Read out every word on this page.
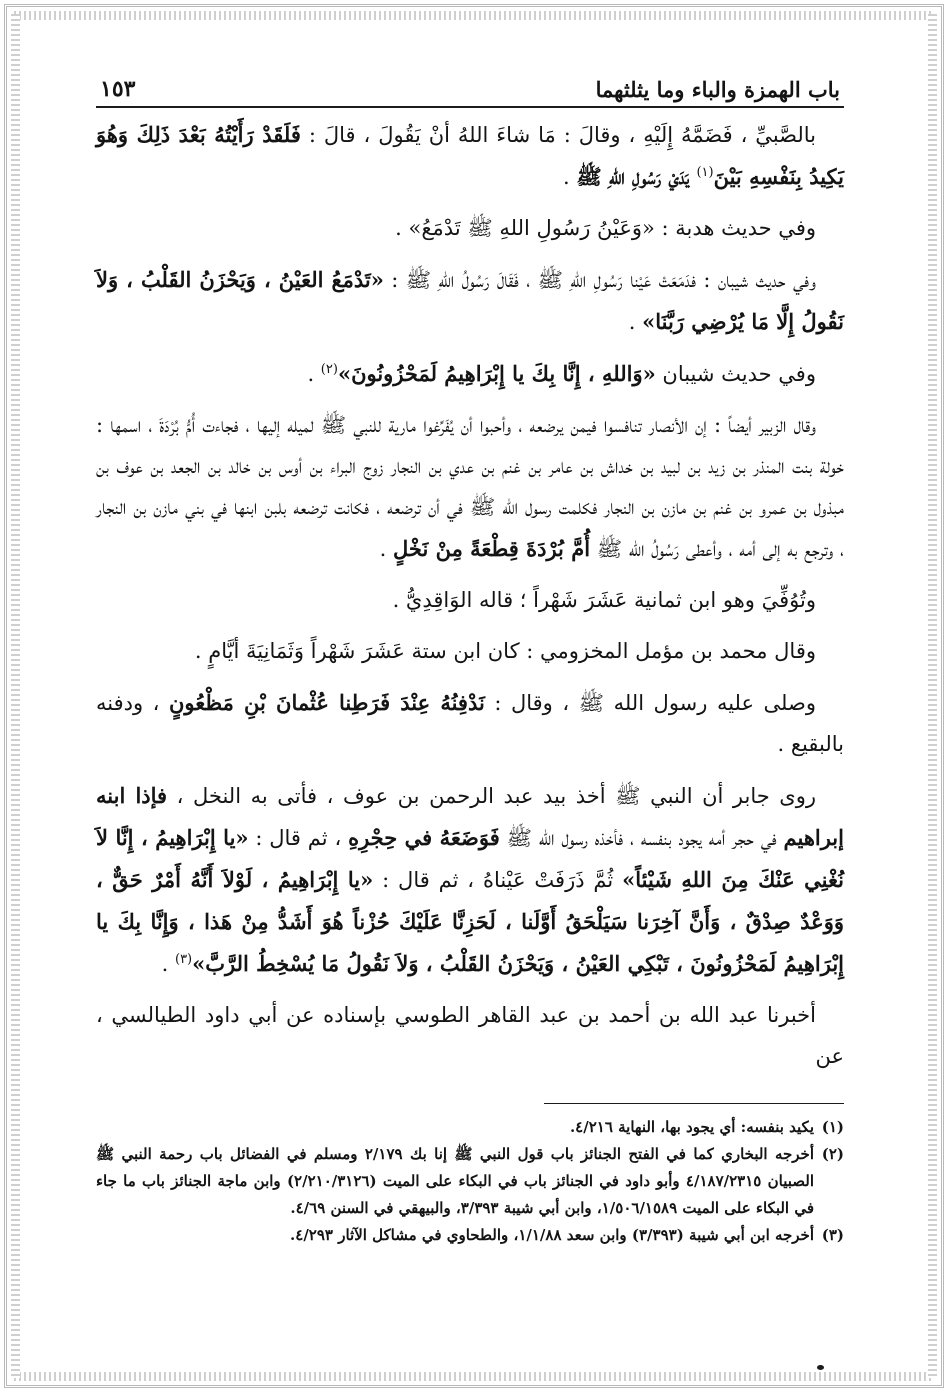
باب الهمزة والباء وما يثلثهما
١٥٣

بالصَّبيِّ ، فَضَمَّهُ إِلَيْهِ ، وقالَ : مَا شاءَ اللهُ أنْ يَقُولَ ، قالَ : فَلَقَدْ رَأَيْتُهُ بَعْدَ ذَلِكَ وَهُوَ يَكِيدُ بِنَفْسِهِ بَيْنَ$^{(١)}$ يَدَيْ رَسُولِ اللهِ ﷺ .

وفي حديث هدبة : «وَعَيْنُ رَسُولِ اللهِ ﷺ تَدْمَعُ» .

وفي حديث شيبان : فدَمَعَتْ عَيْنا رَسُولِ اللهِ ﷺ ، فَقَالَ رَسُولُ اللهِ ﷺ : «تَدْمَعُ العَيْنُ ، وَيَحْزَنُ القَلْبُ ، وَلاَ نَقُولُ إِلَّا مَا يُرْضِي رَبَّنَا» .

وفي حديث شيبان «وَاللهِ ، إِنَّا بِكَ يا إِبْرَاهِيمُ لَمَحْزُونُونَ»$^{(٢)}$ .

وقال الزبير أيضاً : إن الأنصار تنافسوا فيمن يرضعه ، وأحبوا أن يُفَرِّغوا مارية للنبي ﷺ لميله إليها ، فجاءت أُمُّ بُرْدَةَ ، اسمها : خولة بنت المنذر بن زيد بن لبيد بن خداش بن عامر بن غنم بن عدي بن النجار زوج البراء بن أوس بن خالد بن الجعد بن عوف بن مبذول بن عمرو بن غنم بن مازن بن النجار فكلمت رسول الله ﷺ في أن ترضعه ، فكانت ترضعه بلبن ابنها في بني مازن بن النجار ، وترجع به إلى أمه ، وأعطى رَسُولُ الله ﷺ أُمَّ بُرْدَةَ قِطْعَةً مِنْ نَخْلٍ .

وتُوُفِّيَ وهو ابن ثمانية عَشَرَ شَهْراً ؛ قاله الوَاقِدِيُّ .

وقال محمد بن مؤمل المخزومي : كان ابن ستة عَشَرَ شَهْراً وَثَمَانِيَةَ أيَّامٍ .

وصلى عليه رسول الله ﷺ ، وقال : نَدْفِنُهُ عِنْدَ فَرَطِنا عُثْمانَ بْنِ مَظْعُونٍ ، ودفنه بالبقيع .

روى جابر أن النبي ﷺ أخذ بيد عبد الرحمن بن عوف ، فأتى به النخل ، فإذا ابنه إبراهيم في حجر أمه يجود بنفسه ، فأخذه رسول الله ﷺ فَوَضَعَهُ في حِجْرِهِ ، ثم قال : «يا إِبْرَاهِيمُ ، إِنَّا لاَ نُغْنِي عَنْكَ مِنَ اللهِ شَيْئاً» ثُمَّ ذَرَفَتْ عَيْناهُ ، ثم قال : «يا إِبْرَاهِيمُ ، لَوْلاَ أَنَّهُ أَمْرٌ حَقٌّ ، وَوَعْدٌ صِدْقٌ ، وَأَنَّ آخِرَنا سَيَلْحَقُ أَوَّلَنا ، لَحَزِنَّا عَلَيْكَ حُزْناً هُوَ أَشَدُّ مِنْ هَذا ، وَإِنَّا بِكَ يا إِبْرَاهِيمُ لَمَحْزُونُونَ ، تَبْكِي العَيْنُ ، وَيَحْزَنُ القَلْبُ ، وَلاَ نَقُولُ مَا يُسْخِطُ الرَّبَّ»$^{(٣)}$ .

أخبرنا عبد الله بن أحمد بن عبد القاهر الطوسي بإسناده عن أبي داود الطيالسي ، عن

(١)يكيد بنفسه: أي يجود بها، النهاية ٤/٢١٦.

(٢)أخرجه البخاري كما في الفتح الجنائز باب قول النبي ﷺ إنا بك ٢/١٧٩ ومسلم في الفضائل باب رحمة النبي ﷺ الصبيان ٤/١٨٧/٢٣١٥ وأبو داود في الجنائز باب في البكاء على الميت (٢/٢١٠/٣١٢٦) وابن ماجة الجنائز باب ما جاء في البكاء على الميت ١/٥٠٦/١٥٨٩، وابن أبي شيبة ٣/٣٩٣، والبيهقي في السنن ٤/٦٩.

(٣)أخرجه ابن أبي شيبة (٣/٣٩٣) وابن سعد ١/١/٨٨، والطحاوي في مشاكل الآثار ٤/٢٩٣.
